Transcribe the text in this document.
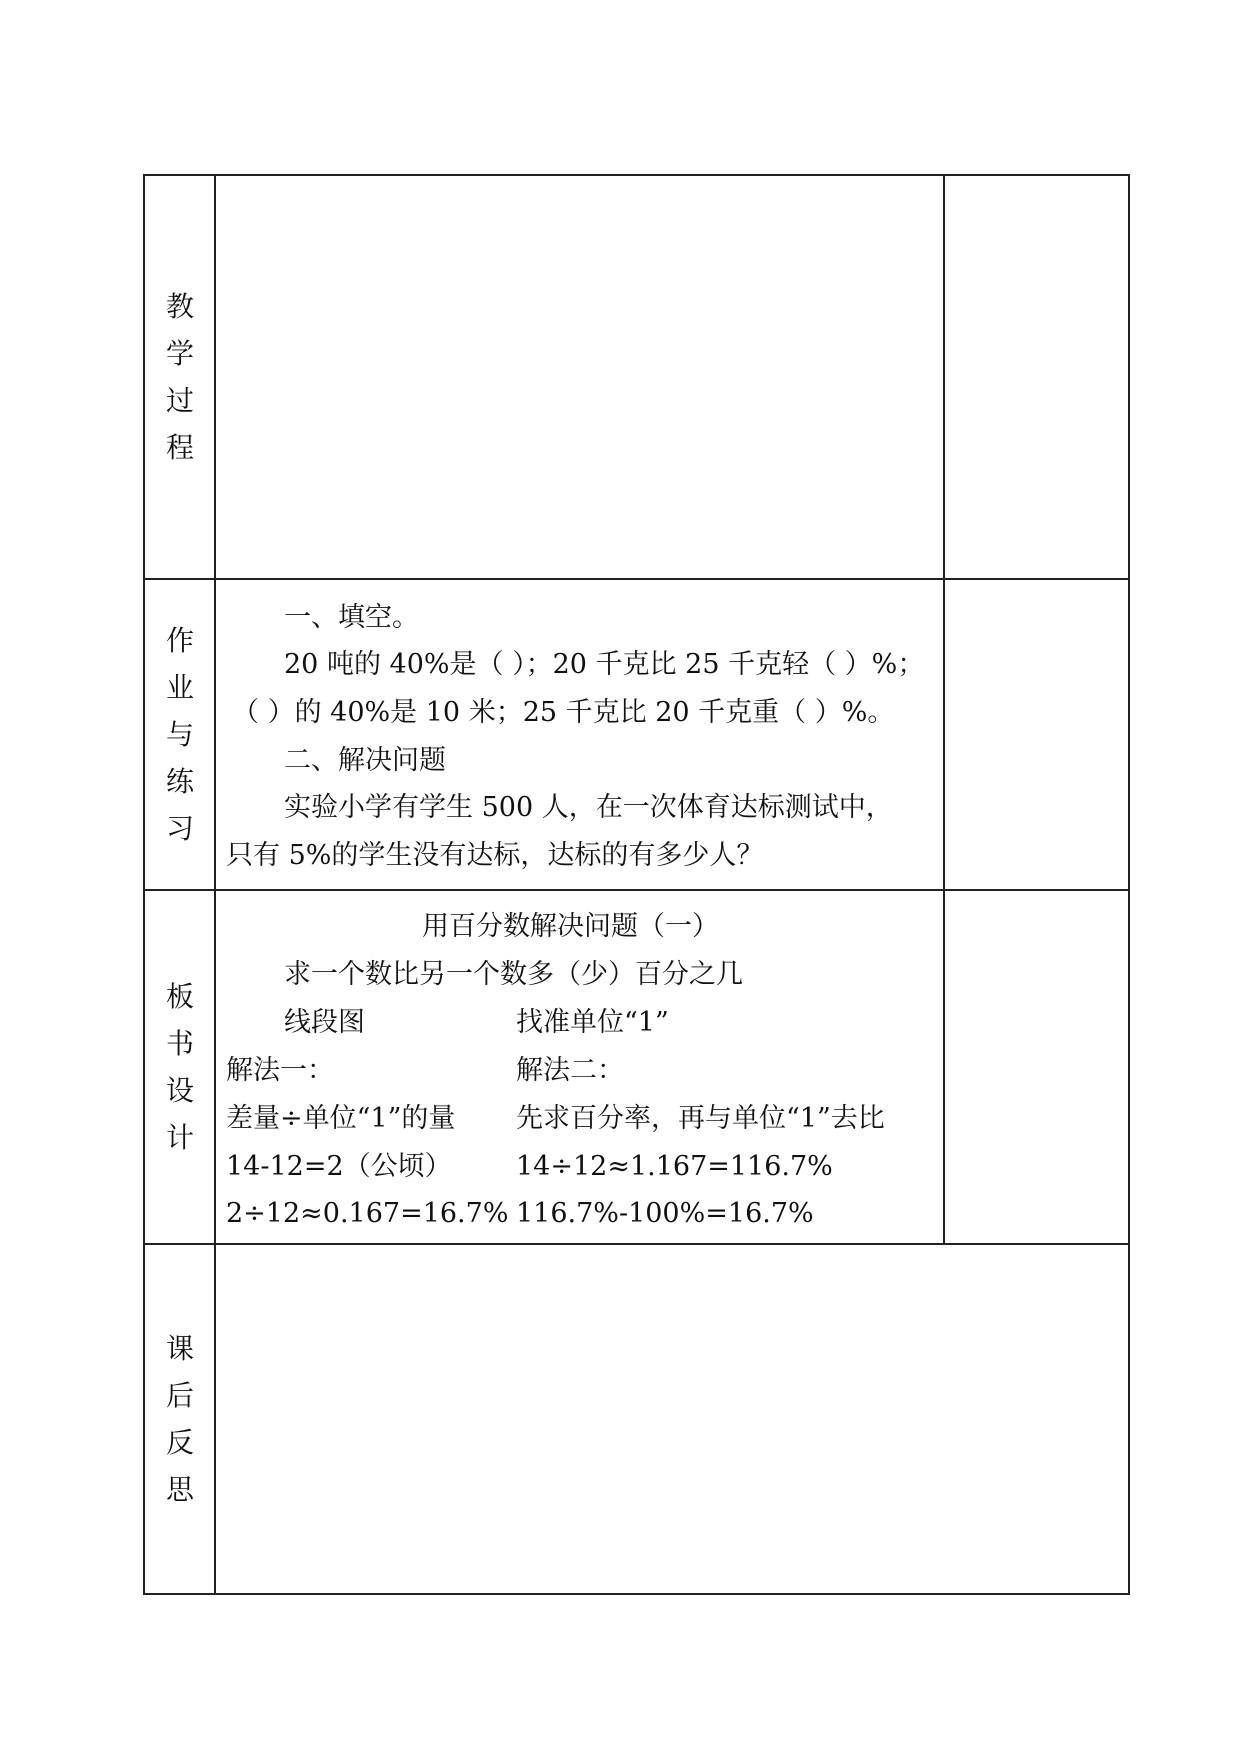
教
学
过
程
作
业
与
练
习
一、填空。
20 吨的 40%是（ ）；20 千克比 25 千克轻（ ）%；
（ ）的 40%是 10 米；25 千克比 20 千克重（ ）%。
二、解决问题
实验小学有学生 500 人，在一次体育达标测试中，
只有 5%的学生没有达标，达标的有多少人？
板
书
设
计
用百分数解决问题（一）
求一个数比另一个数多（少）百分之几
线段图	找准单位“1”
解法一：	解法二：
差量÷单位“1”的量 先求百分率，再与单位“1”去比
14-12=2（公顷） 14÷12≈1.167=116.7%
2÷12≈0.167=16.7% 116.7%-100%=16.7%
课
后
反
思
